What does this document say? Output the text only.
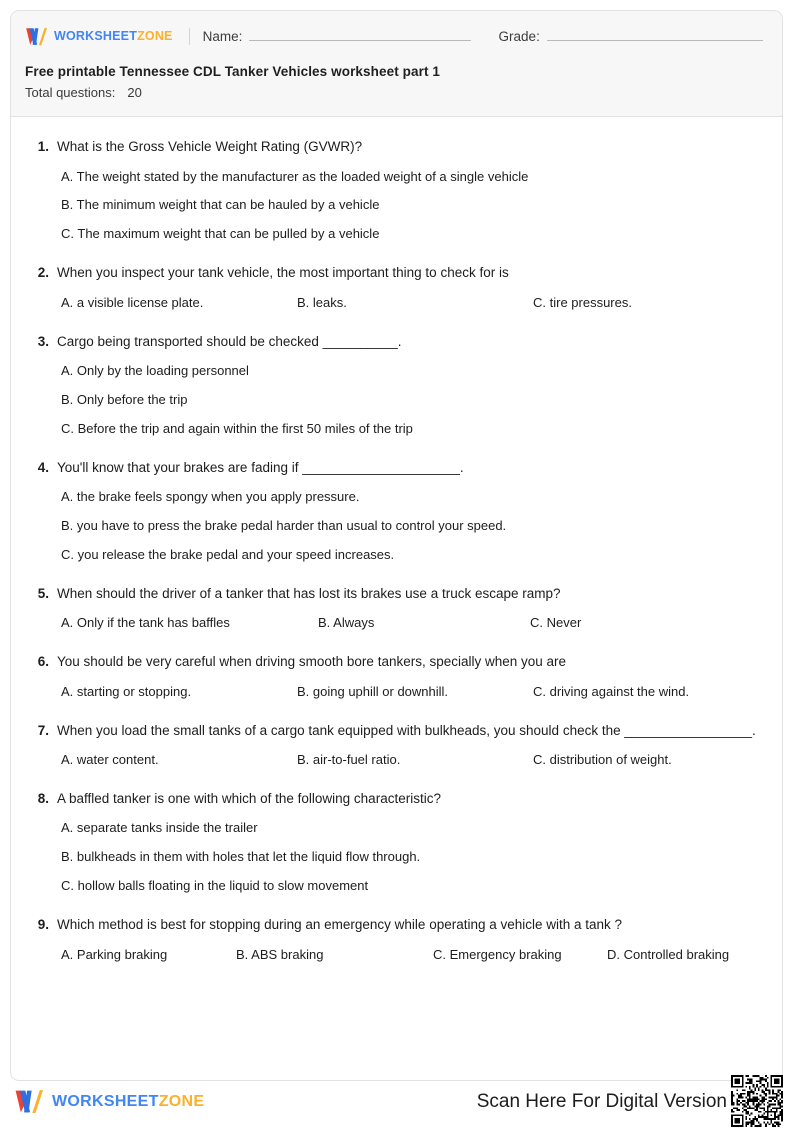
WORKSHEETZONE Name:	Grade:
Free printable Tennessee CDL Tanker Vehicles worksheet part 1
Total questions: 20
1. What is the Gross Vehicle Weight Rating (GVWR)?
A. The weight stated by the manufacturer as the loaded weight of a single vehicle
B. The minimum weight that can be hauled by a vehicle
C. The maximum weight that can be pulled by a vehicle
2. When you inspect your tank vehicle, the most important thing to check for is
A. a visible license plate.	B. leaks.	C. tire pressures.
3. Cargo being transported should be checked __________.
A. Only by the loading personnel
B. Only before the trip
C. Before the trip and again within the first 50 miles of the trip
4. You'll know that your brakes are fading if _____________________.
A. the brake feels spongy when you apply pressure.
B. you have to press the brake pedal harder than usual to control your speed.
C. you release the brake pedal and your speed increases.
5. When should the driver of a tanker that has lost its brakes use a truck escape ramp?
A. Only if the tank has baffles	B. Always	C. Never
6. You should be very careful when driving smooth bore tankers, specially when you are
A. starting or stopping.	B. going uphill or downhill.	C. driving against the wind.
7. When you load the small tanks of a cargo tank equipped with bulkheads, you should check the _________________.
A. water content.	B. air-to-fuel ratio.	C. distribution of weight.
8. A baffled tanker is one with which of the following characteristic?
A. separate tanks inside the trailer
B. bulkheads in them with holes that let the liquid flow through.
C. hollow balls floating in the liquid to slow movement
9. Which method is best for stopping during an emergency while operating a vehicle with a tank ?
A. Parking braking	B. ABS braking	C. Emergency braking	D. Controlled braking
WORKSHEETZONE	Scan Here For Digital Version
